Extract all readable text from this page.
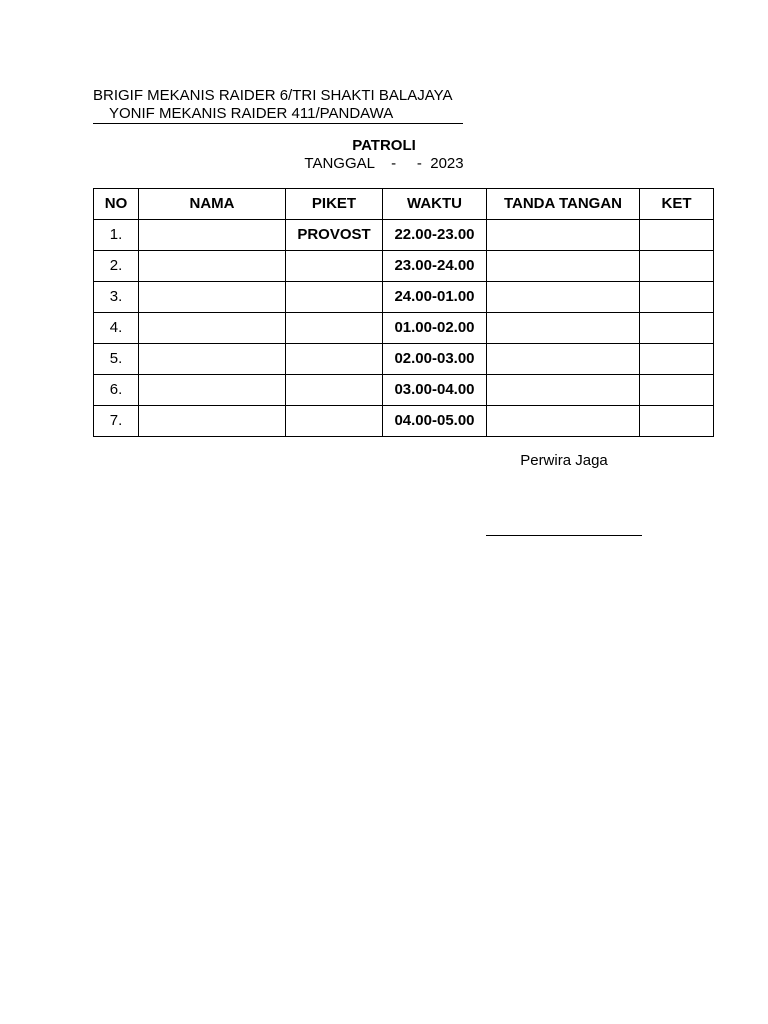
BRIGIF MEKANIS RAIDER 6/TRI SHAKTI BALAJAYA

YONIF MEKANIS RAIDER 411/PANDAWA

PATROLI

TANGGAL    -     -  2023

NO	NAMA	PIKET	WAKTU	TANDA TANGAN	KET
1.		PROVOST	22.00-23.00		
2.			23.00-24.00		
3.			24.00-01.00		
4.			01.00-02.00		
5.			02.00-03.00		
6.			03.00-04.00		
7.			04.00-05.00		
Perwira Jaga
